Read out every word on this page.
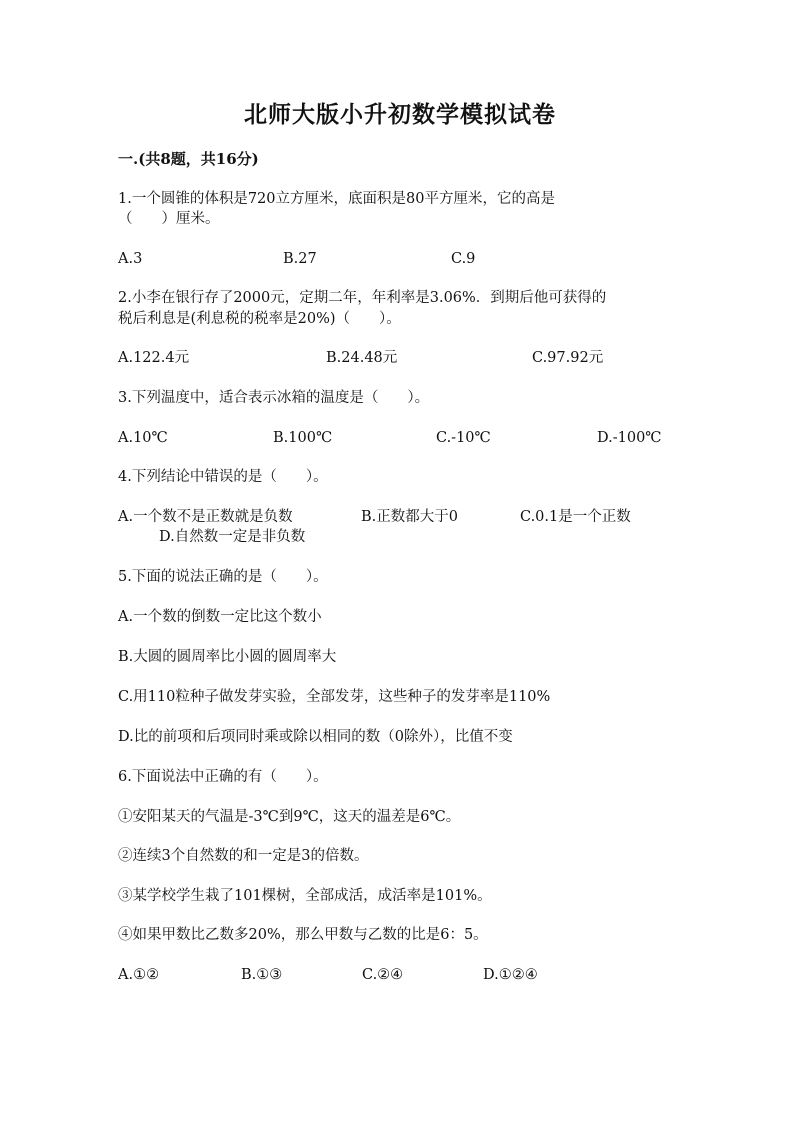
北师大版小升初数学模拟试卷
一.(共8题，共16分)
1.一个圆锥的体积是720立方厘米，底面积是80平方厘米，它的高是
（　　）厘米。
A.3	B.27	C.9
2.小李在银行存了2000元，定期二年，年利率是3.06%．到期后他可获得的
税后利息是(利息税的税率是20%)（　　）。
A.122.4元	B.24.48元	C.97.92元
3.下列温度中，适合表示冰箱的温度是（　　）。
A.10℃	B.100℃	C.-10℃	D.-100℃
4.下列结论中错误的是（　　）。
A.一个数不是正数就是负数	B.正数都大于0	C.0.1是一个正数
D.自然数一定是非负数
5.下面的说法正确的是（　　）。
A.一个数的倒数一定比这个数小
B.大圆的圆周率比小圆的圆周率大
C.用110粒种子做发芽实验，全部发芽，这些种子的发芽率是110%
D.比的前项和后项同时乘或除以相同的数（0除外），比值不变
6.下面说法中正确的有（　　）。
①安阳某天的气温是-3℃到9℃，这天的温差是6℃。
②连续3个自然数的和一定是3的倍数。
③某学校学生栽了101棵树，全部成活，成活率是101%。
④如果甲数比乙数多20%，那么甲数与乙数的比是6：5。
A.①②	B.①③	C.②④	D.①②④
